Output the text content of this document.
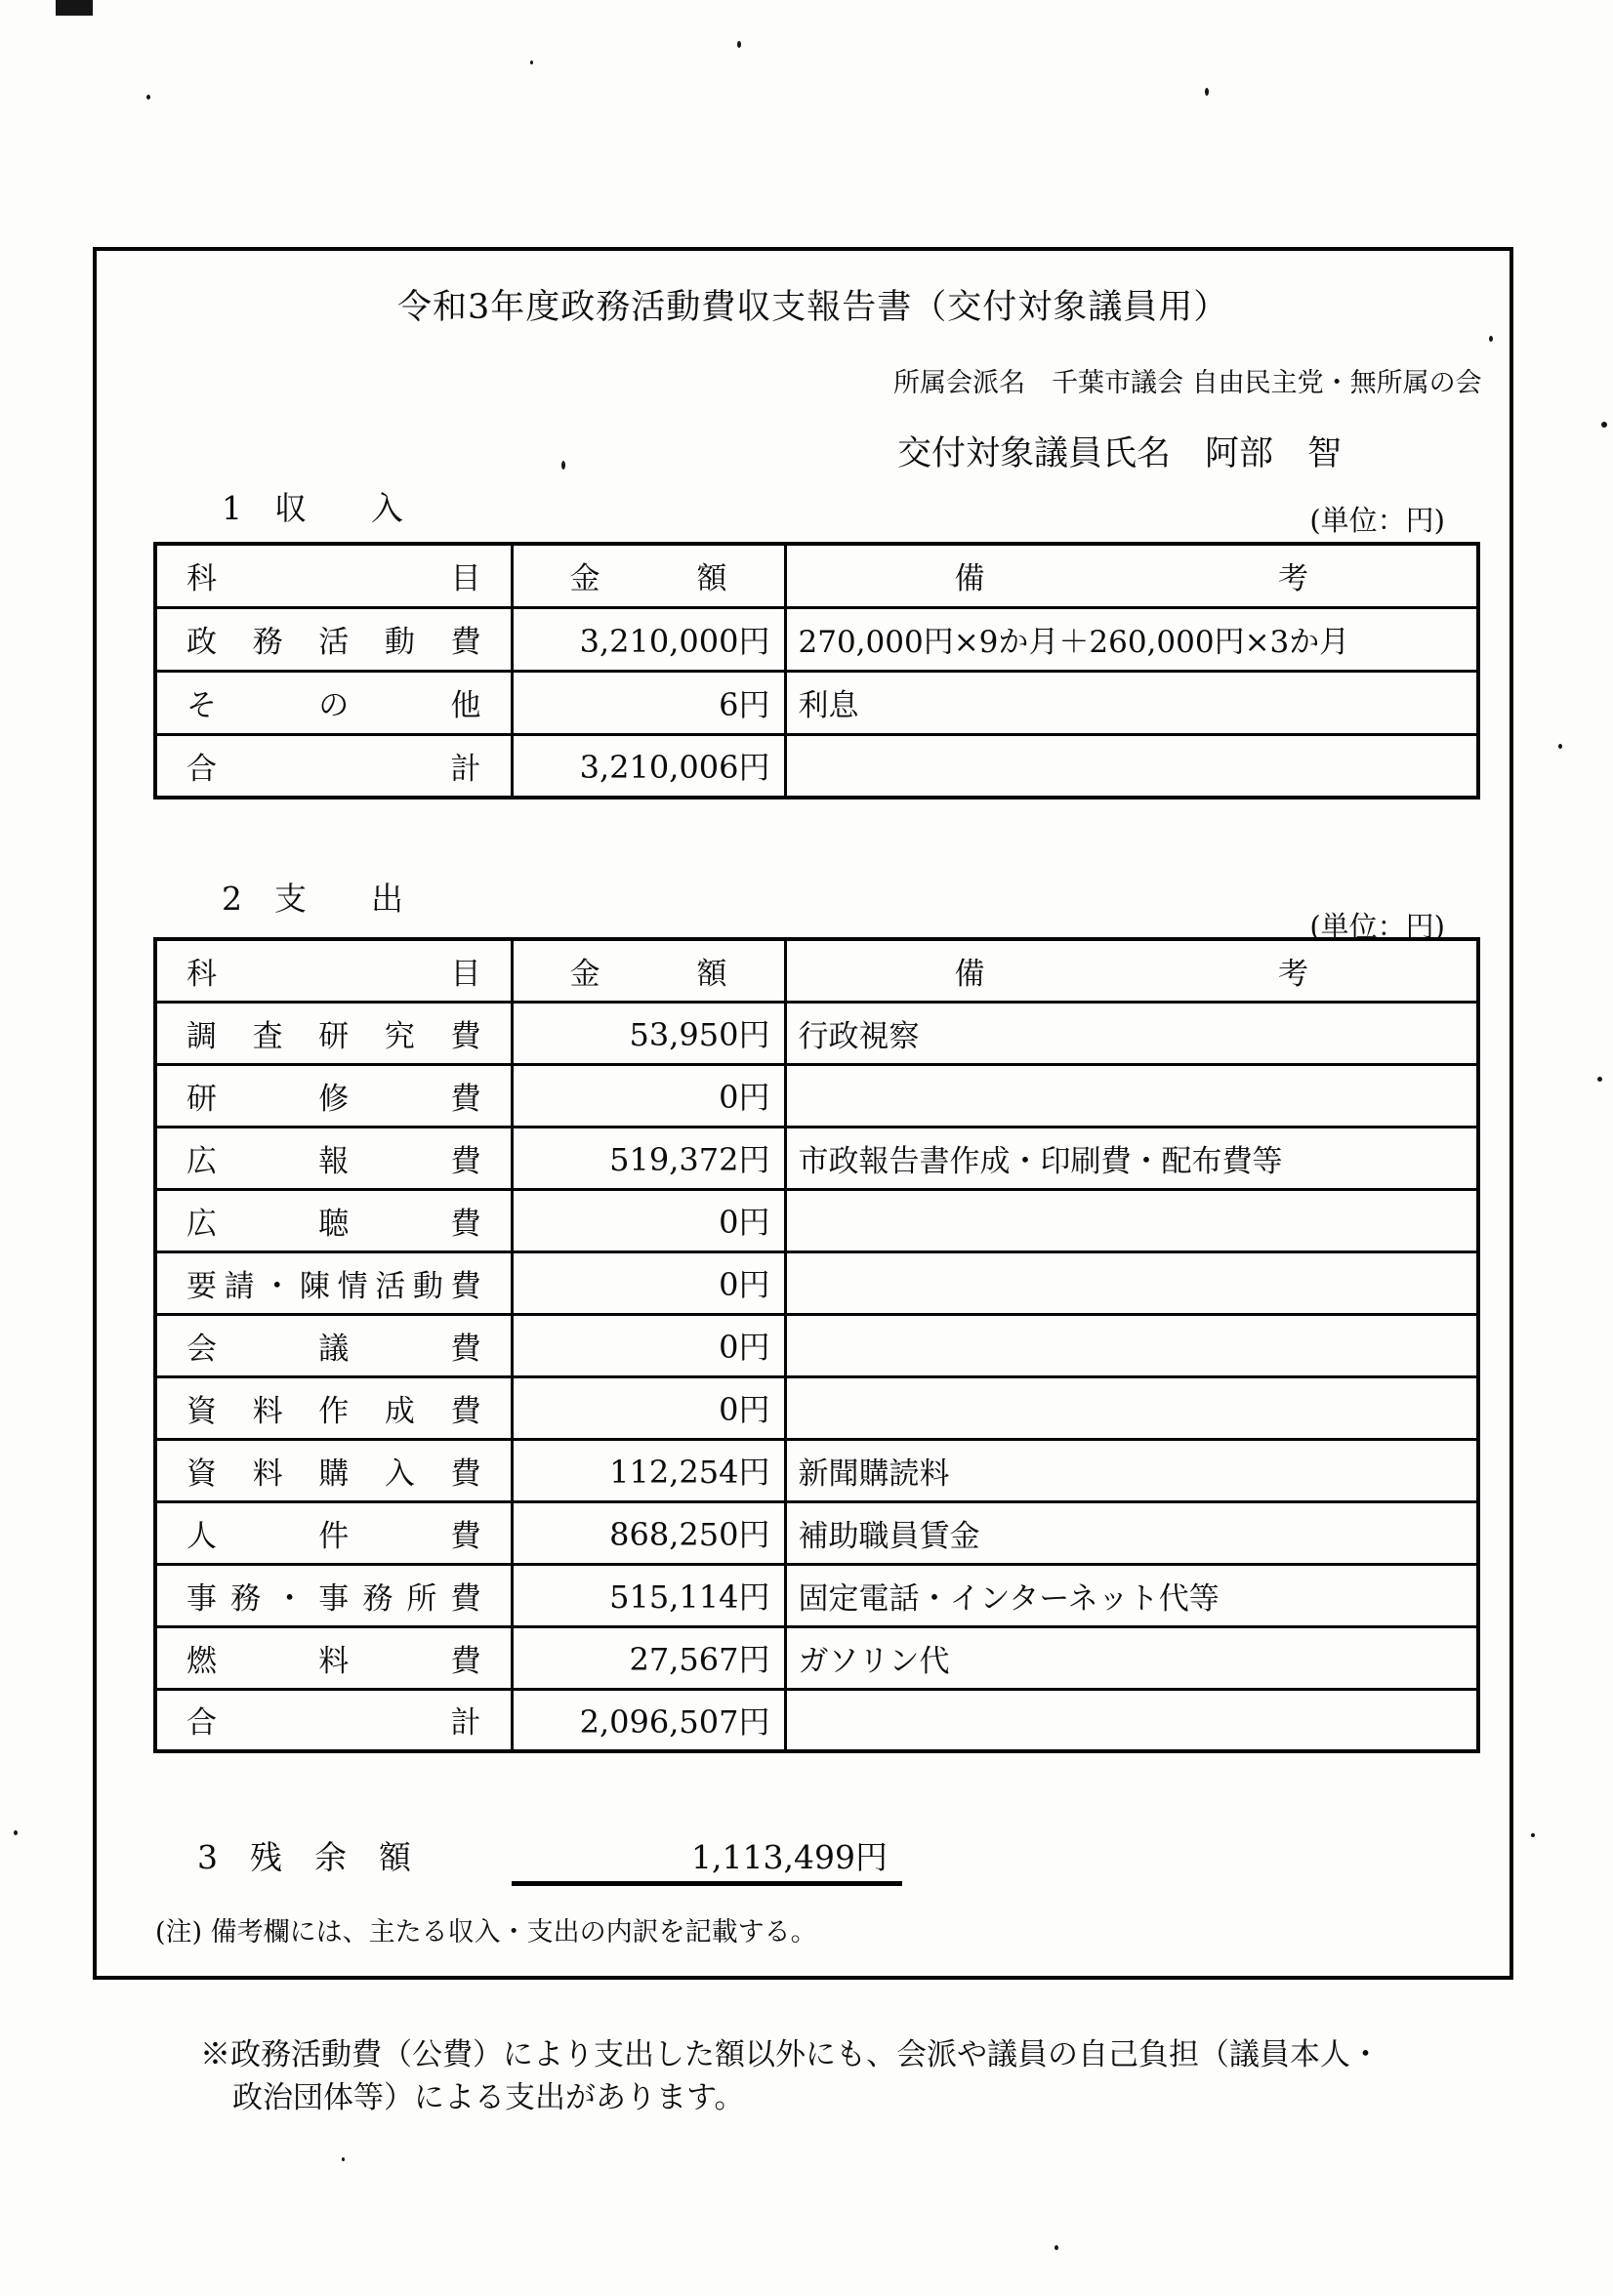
令和3年度政務活動費収支報告書（交付対象議員用）
所属会派名　千葉市議会 自由民主党・無所属の会
交付対象議員氏名　阿部　智
1　収　　入	(単位：円)
科目	金額	備考
政務活動費	3,210,000円	270,000円×9か月＋260,000円×3か月
その他	6円	利息
合計	3,210,006円	
2　支　　出
(単位：円)
科目	金額	備考
調査研究費	53,950円	行政視察
研修費	0円	
広報費	519,372円	市政報告書作成・印刷費・配布費等
広聴費	0円	
要請・陳情活動費	0円	
会議費	0円	
資料作成費	0円	
資料購入費	112,254円	新聞購読料
人件費	868,250円	補助職員賃金
事務・事務所費	515,114円	固定電話・インターネット代等
燃料費	27,567円	ガソリン代
合計	2,096,507円	
3　残　余　額	1,113,499円
(注) 備考欄には、主たる収入・支出の内訳を記載する。
※政務活動費（公費）により支出した額以外にも、会派や議員の自己負担（議員本人・
政治団体等）による支出があります。
